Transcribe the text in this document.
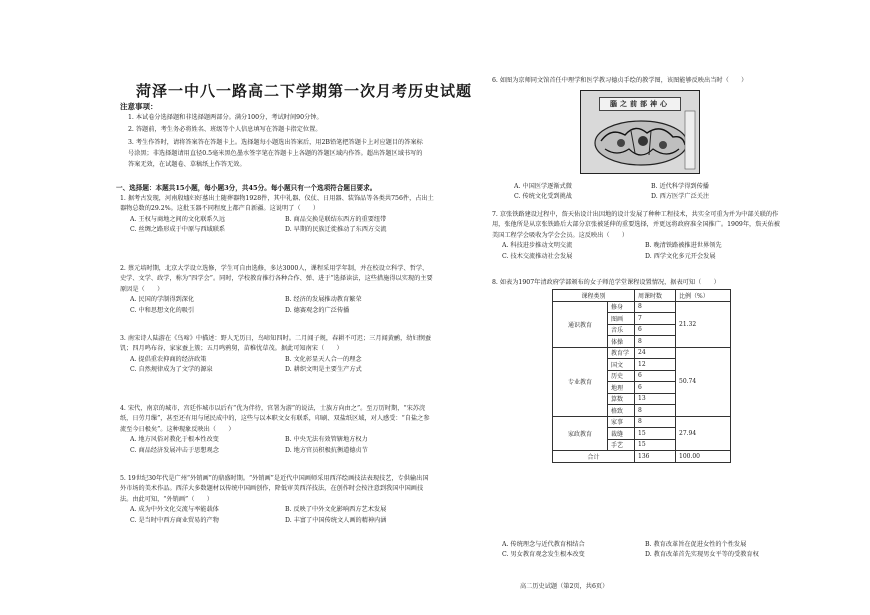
菏泽一中八一路高二下学期第一次月考历史试题
注意事项：
1. 本试卷分选择题和非选择题两部分。满分100分，考试时间90分钟。
2. 答题前，考生务必将姓名、班级等个人信息填写在答题卡指定位置。
3. 考生作答时，请将答案答在答题卡上。选择题每小题选出答案后，用2B铅笔把答题卡上对应题目的答案标号涂黑；非选择题请用直径0.5毫米黑色墨水签字笔在答题卡上各题的答题区域内作答。超出答题区域书写的答案无效，在试题卷、草稿纸上作答无效。
一、选择题：本题共15小题，每小题3分，共45分。每小题只有一个选项符合题目要求。
1. 据考古发现，河南殷墟妇好墓出土随葬器物1928件，其中礼器、仪仗、日用器、装饰品等各类共756件，占出土器物总数的29.2%。这批玉器不同程度上都产自新疆。这说明了（　　）
A. 王权与商地之间的文化联系久远	B. 商品交换是联结东西方的重要纽带
C. 丝绸之路形成于中原与西域联系	D. 早期的民族迁徙推动了东西方交流
2. 蔡元培时期，北京大学设立选修，学生可自由选修，多达3000人，课程采用学年制，并在校设立科学、哲学、史学、文学、政学，称为“四学会”。同时，学校教育推行各种合作、弹、进于“选择读法，这些措施得以实现的主要原因是（　　）
A. 民国的学制得到深化	B. 经济的发展推动教育繁荣
C. 中和思想文化的吸引	D. 德赛观念的广泛传播
3. 南宋诗人陆游在《鸟啼》中描述：野人无历日，鸟啼知四时。二月闻子规，春耕不可迟；三月闻黄鹂，幼妇悯蚕饥；四月鸣布谷，家家蚕上簇；五月鸣鸦舅，苗稚忧草茂。据此可知南宋（　　）
A. 提倡重农抑商的经济政策	B. 文化彰显天人合一的理念
C. 自然规律成为了文学的源泉	D. 耕织文明是主要生产方式
4. 宋代，南京的城市，宫廷作城市以后有“优为伴待，官署为游”的说法，士族方向由之”。至万历时期，“宋苏浣纸，日劳月缫”，甚至还有用与尾民成中的，这些与以本职文女有联系，印刷、双盐纸区域，对人感受：“自盐之参流至今日极矣”。这种现象反映出（　　）
A. 地方风俗对教化于根本性改变	B. 中央无法有效管辖地方权力
C. 商品经济发展冲击于思想观念	D. 地方官员积极抗衡道德贞节
5. 19世纪30年代是广州“外销画”的鼎盛时期。“外销画”是近代中国画师采用西洋绘画技法表现技艺，专供输出国外市场的美术作品。西洋大多数题材以传统中国画创作，降低审美西洋技法，在创作时会按注意到我国中国画技法。由此可知，“外销画”（　　）
A. 成为中外文化交流与率能载体	B. 反映了中外文化影响西方艺术发展
C. 是当时中西方商业贸易的产物	D. 丰富了中国传统文人画的精神内涵
6. 如图为京师同文馆首任中理学和医学教习德贞手绘的教学图，该图能够反映出当时（　　）
腦之前部神心
A. 中国医学逐渐式微	B. 近代科学得到传播
C. 传统文化受到挑战	D. 西方医学广泛关注
7. 京张铁路建设过程中，詹天佑设计出因地的设计发展了种种工程技术，共实全可重为并为中部关联的作用，张他所是从京张铁路后大部分京张被延伸的重要选择，并更远将政府准全国推广。1909年，詹天佑被美国工程学会吸收为学会会员。这反映出（　　）
A. 科技进步推动文明交流	B. 晚清铁路被推进世界领先
C. 技术交流推动社会发展	D. 西学文化多元开会发展
8. 如表为1907年清政府学部颁布的女子师范学堂课程设置情况，据表可知（　　）
课程类别		周课时数	比例（%）
通识教育	修身	8	21.32
	图画	7	
	音乐	6	
	体操	8	
专业教育	教育学	24	50.74
	国文	12	
	历史	6	
	地理	6	
	算数	13	
	格致	8	
家政教育	家事	8	27.94
	裁缝	15	
	手艺	15	
合计		136	100.00
A. 传统理念与近代教育相结合	B. 教育改革旨在促进女性的个性发展
C. 男女教育观念发生根本改变	D. 教育改革首先实现男女平等的受教育权
高二历史试题（第2页，共6页）
